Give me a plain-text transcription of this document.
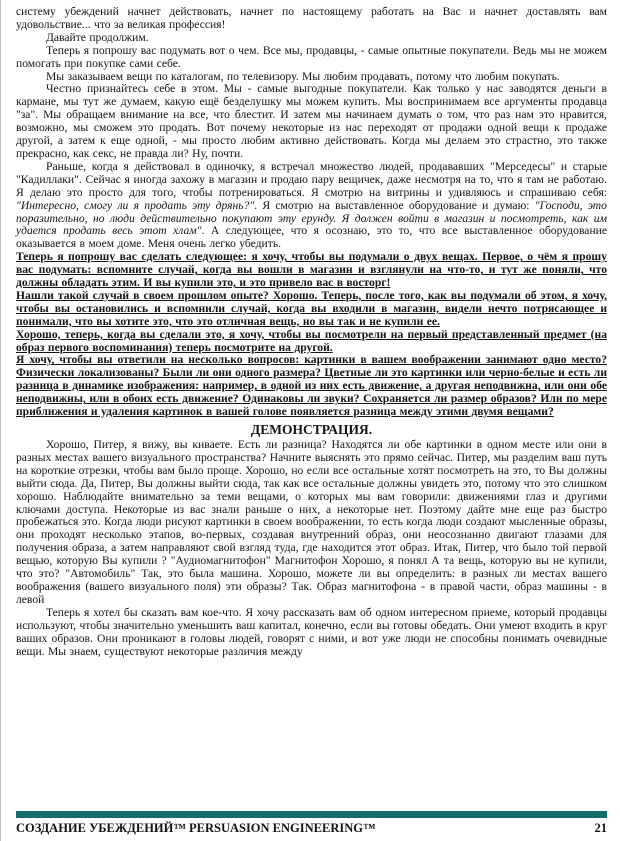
систему убеждений начнет действовать, начнет по настоящему работать на Вас и начнет доставлять вам удовольствие... что за великая профессия!

Давайте продолжим.

Теперь я попрошу вас подумать вот о чем. Все мы, продавцы, - самые опытные покупатели. Ведь мы не можем помогать при покупке сами себе.

Мы заказываем вещи по каталогам, по телевизору. Мы любим продавать, потому что любим покупать.

Честно признайтесь себе в этом. Мы - самые выгодные покупатели. Как только у нас заводятся деньги в кармане, мы тут же думаем, какую ещё безделушку мы можем купить. Мы воспринимаем все аргументы продавца "за". Мы обращаем внимание на все, что блестит. И затем мы начинаем думать о том, что раз нам это нравится, возможно, мы сможем это продать. Вот почему некоторые из нас переходят от продажи одной вещи к продаже другой, а затем к еще одной, - мы просто любим активно действовать. Когда мы делаем это страстно, это также прекрасно, как секс, не правда ли? Ну, почти.

Раньше, когда я действовал в одиночку, я встречал множество людей, продававших "Мерседесы" и старые "Кадиллаки". Сейчас я иногда захожу в магазин и продаю пару вещичек, даже несмотря на то, что я там не работаю. Я делаю это просто для того, чтобы потренироваться. Я смотрю на витрины и удивляюсь и спрашиваю себя: "Интересно, смогу ли я продать эту дрянь?". Я смотрю на выставленное оборудование и думаю: "Господи, это поразительно, но люди действительно покупают эту ерунду. Я должен войти в магазин и посмотреть, как им удается продать весь этот хлам". А следующее, что я осознаю, это то, что все выставленное оборудование оказывается в моем доме. Меня очень легко убедить.

Теперь я попрошу вас сделать следующее: я хочу, чтобы вы подумали о двух вещах. Первое, о чём я прошу вас подумать: вспомните случай, когда вы вошли в магазин и взглянули на что-то, и тут же поняли, что должны обладать этим. И вы купили это, и это привело вас в восторг!

Нашли такой случай в своем прошлом опыте? Хорошо. Теперь, после того, как вы подумали об этом, я хочу, чтобы вы остановились и вспомнили случай, когда вы входили в магазин, видели нечто потрясающее и понимали, что вы хотите это, что это отличная вещь, но вы так и не купили ее.

Хорошо, теперь, когда вы сделали это, я хочу, чтобы вы посмотрели на первый представленный предмет (на образ первого воспоминания) теперь посмотрите на другой.

Я хочу, чтобы вы ответили на несколько вопросов: картинки в вашем воображении занимают одно место? Физически локализованы? Были ли они одного размера? Цветные ли это картинки или черно-белые и есть ли разница в динамике изображения: например, в одной из них есть движение, а другая неподвижна, или они обе неподвижны, или в обоих есть движение? Одинаковы ли звуки? Сохраняется ли размер образов? Или по мере приближения и удаления картинок в вашей голове появляется разница между этими двумя вещами?

ДЕМОНСТРАЦИЯ.

Хорошо, Питер, я вижу, вы киваете. Есть ли разница? Находятся ли обе картинки в одном месте или они в разных местах вашего визуального пространства? Начните выяснять это прямо сейчас. Питер, мы разделим ваш путь на короткие отрезки, чтобы вам было проще. Хорошо, но если все остальные хотят посмотреть на это, то Вы должны выйти сюда. Да, Питер, Вы должны выйти сюда, так как все остальные должны увидеть это, потому что это слишком хорошо. Наблюдайте внимательно за теми вещами, о которых мы вам говорили: движениями глаз и другими ключами доступа. Некоторые из вас знали раньше о них, а некоторые нет. Поэтому дайте мне еще раз быстро пробежаться это. Когда люди рисуют картинки в своем воображении, то есть когда люди создают мысленные образы, они проходят несколько этапов, во-первых, создавая внутренний образ, они неосознанно двигают глазами для получения образа, а затем направляют свой взгляд туда, где находится этот образ. Итак, Питер, что было той первой вещью, которую Вы купили ? "Аудиомагнитофон" Магнитофон Хорошо, я понял А та вещь, которую вы не купили, что это? "Автомобиль" Так, это была машина. Хорошо, можете ли вы определить: в разных ли местах вашего воображения (вашего визуального поля) эти образы? Так. Образ магнитофона - в правой части, образ машины - в левой

Теперь я хотел бы сказать вам кое-что. Я хочу рассказать вам об одном интересном приеме, который продавцы используют, чтобы значительно уменьшить ваш капитал, конечно, если вы готовы обедать. Они умеют входить в круг ваших образов. Они проникают в головы людей, говорят с ними, и вот уже люди не способны понимать очевидные вещи. Мы знаем, существуют некоторые различия между

СОЗДАНИЕ УБЕЖДЕНИЙ™ PERSUASION ENGINEERING™	21
